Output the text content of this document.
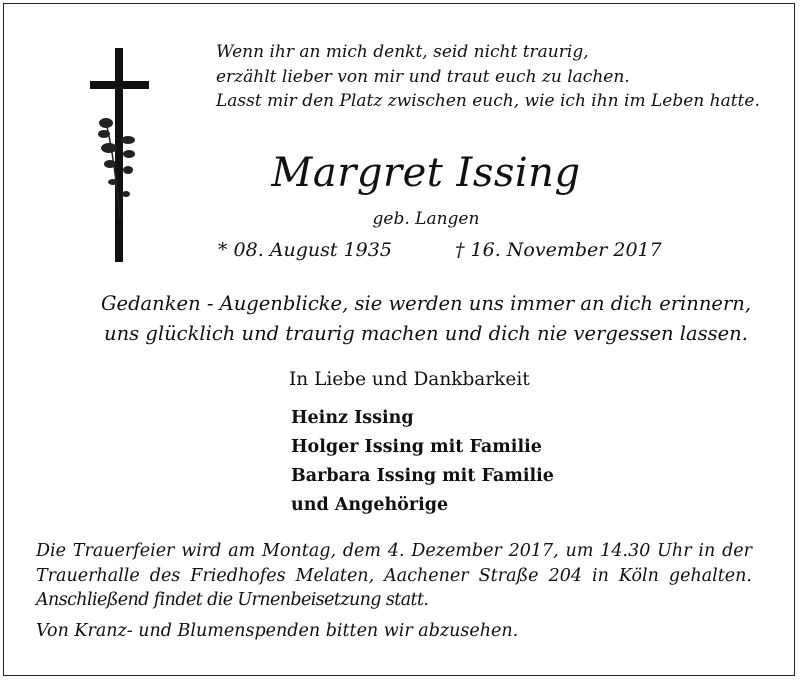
Wenn ihr an mich denkt, seid nicht traurig,
erzählt lieber von mir und traut euch zu lachen.
Lasst mir den Platz zwischen euch, wie ich ihn im Leben hatte.
Margret Issing
geb. Langen
* 08. August 1935	† 16. November 2017
Gedanken - Augenblicke, sie werden uns immer an dich erinnern,
uns glücklich und traurig machen und dich nie vergessen lassen.
In Liebe und Dankbarkeit
Heinz Issing
Holger Issing mit Familie
Barbara Issing mit Familie
und Angehörige
Die Trauerfeier wird am Montag, dem 4. Dezember 2017, um 14.30 Uhr in der
Trauerhalle des Friedhofes Melaten, Aachener Straße 204 in Köln gehalten.
Anschließend findet die Urnenbeisetzung statt.
Von Kranz- und Blumenspenden bitten wir abzusehen.
